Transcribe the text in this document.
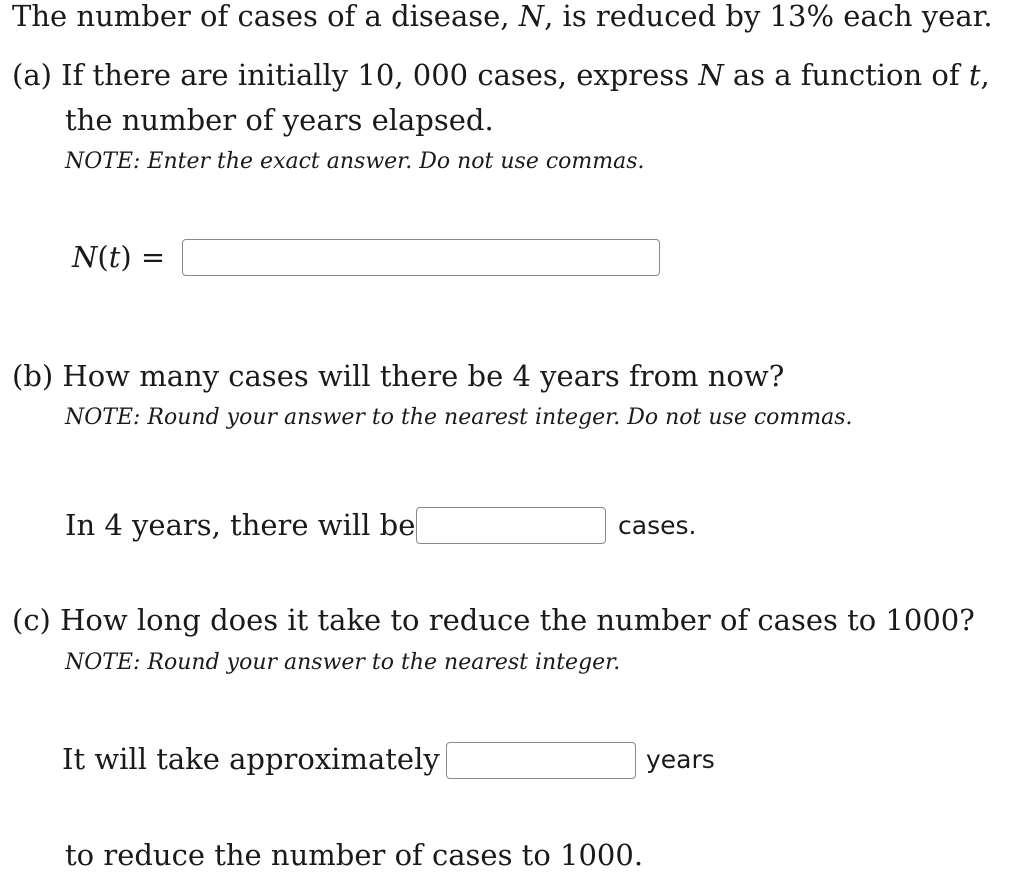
The number of cases of a disease, N, is reduced by 13% each year.
(a) If there are initially 10, 000 cases, express N as a function of t,
the number of years elapsed.
NOTE: Enter the exact answer. Do not use commas.
N(t) =
(b) How many cases will there be 4 years from now?
NOTE: Round your answer to the nearest integer. Do not use commas.
In 4 years, there will be	cases.
(c) How long does it take to reduce the number of cases to 1000?
NOTE: Round your answer to the nearest integer.
It will take approximately	years
to reduce the number of cases to 1000.
